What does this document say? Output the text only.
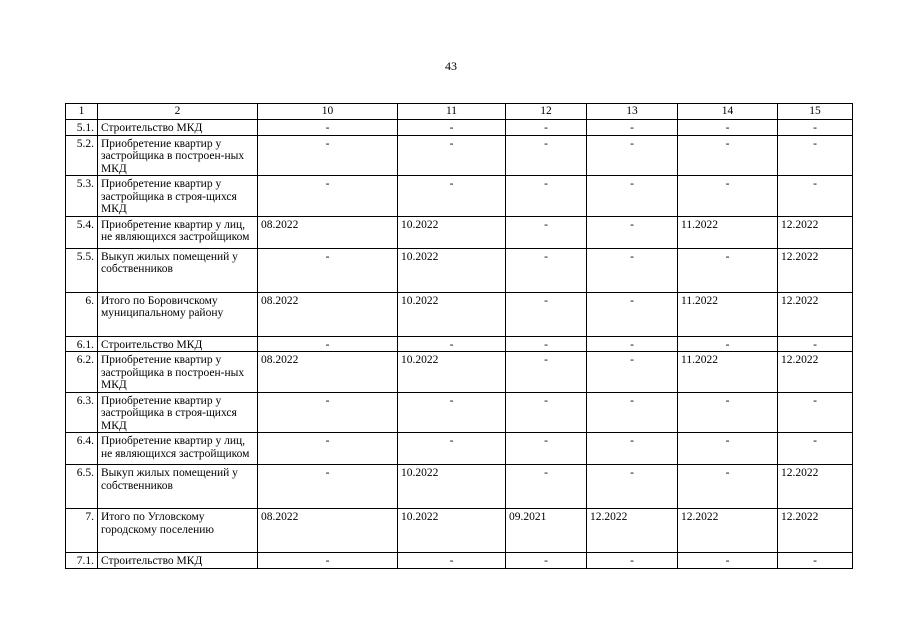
43
1	2	10	11	12	13	14	15
5.1.	Строительство МКД	-	-	-	-	-	-
5.2.	Приобретение квартир у застройщика в построен-ных МКД	-	-	-	-	-	-
5.3.	Приобретение квартир у застройщика в строя-щихся МКД	-	-	-	-	-	-
5.4.	Приобретение квартир у лиц, не являющихся застройщиком	08.2022	10.2022	-	-	11.2022	12.2022
5.5.	Выкуп жилых помещений у собственников	-	10.2022	-	-	-	12.2022
6.	Итого по Боровичскому муниципальному району	08.2022	10.2022	-	-	11.2022	12.2022
6.1.	Строительство МКД	-	-	-	-	-	-
6.2.	Приобретение квартир у застройщика в построен-ных МКД	08.2022	10.2022	-	-	11.2022	12.2022
6.3.	Приобретение квартир у застройщика в строя-щихся МКД	-	-	-	-	-	-
6.4.	Приобретение квартир у лиц, не являющихся застройщиком	-	-	-	-	-	-
6.5.	Выкуп жилых помещений у собственников	-	10.2022	-	-	-	12.2022
7.	Итого по Угловскому городскому поселению	08.2022	10.2022	09.2021	12.2022	12.2022	12.2022
7.1.	Строительство МКД	-	-	-	-	-	-
